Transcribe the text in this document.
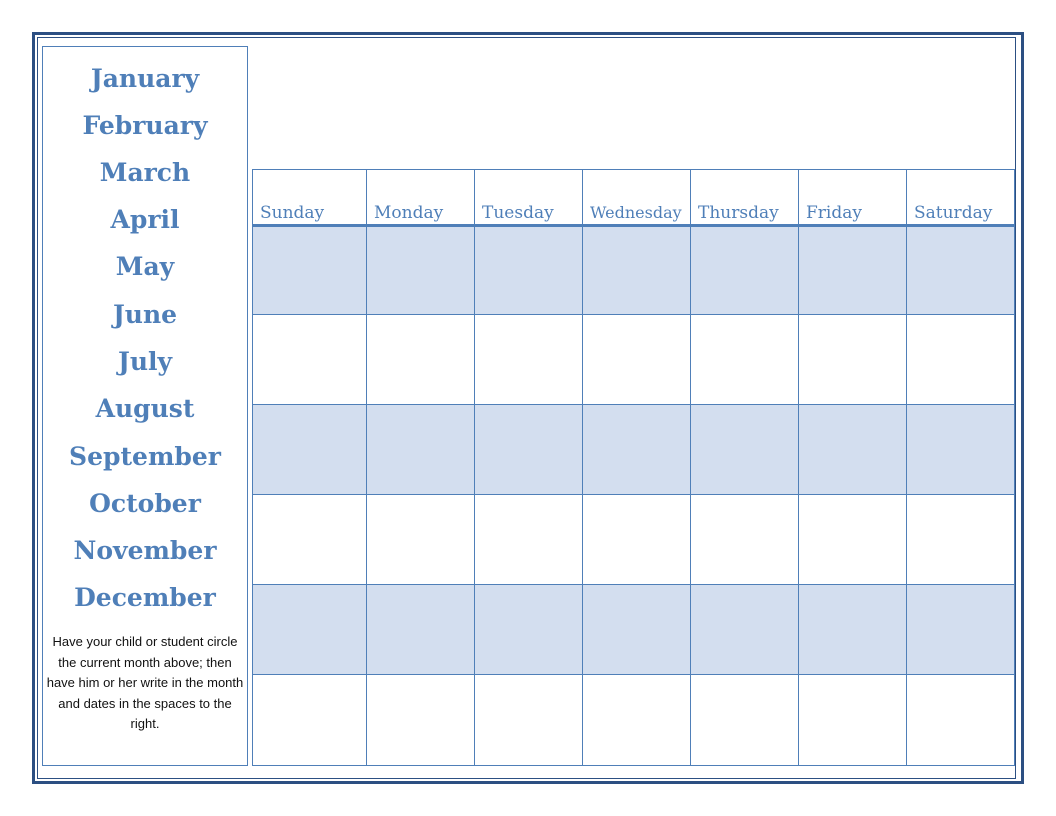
January
February
March
April
May
June
July
August
September
October
November
December
Have your child or student circle the current month above; then have him or her write in the month and dates in the spaces to the right.
Sunday	Monday Tuesday Wednesday Thursday Friday	Saturday
